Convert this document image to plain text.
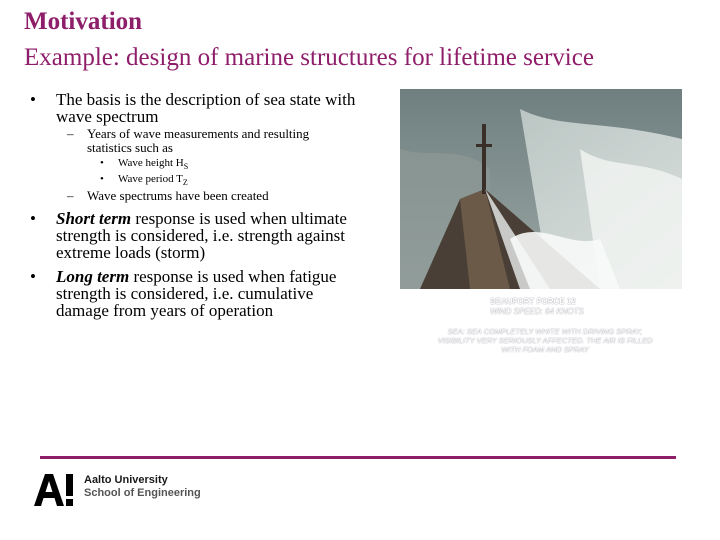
Motivation
Example: design of marine structures for lifetime service
• The basis is the description of sea state with wave spectrum
– Years of wave measurements and resulting statistics such as
• Wave height $H_S$
• Wave period $T_Z$
– Wave spectrums have been created
• Short term response is used when ultimate strength is considered, i.e. strength against extreme loads (storm)
• Long term response is used when fatigue strength is considered, i.e. cumulative damage from years of operation	BEAUFORT FORCE 12
WIND SPEED: 64 KNOTS
SEA: SEA COMPLETELY WHITE WITH DRIVING SPRAY, VISIBILITY VERY SERIOUSLY AFFECTED. THE AIR IS FILLED WITH FOAM AND SPRAY
Aalto University
School of Engineering
